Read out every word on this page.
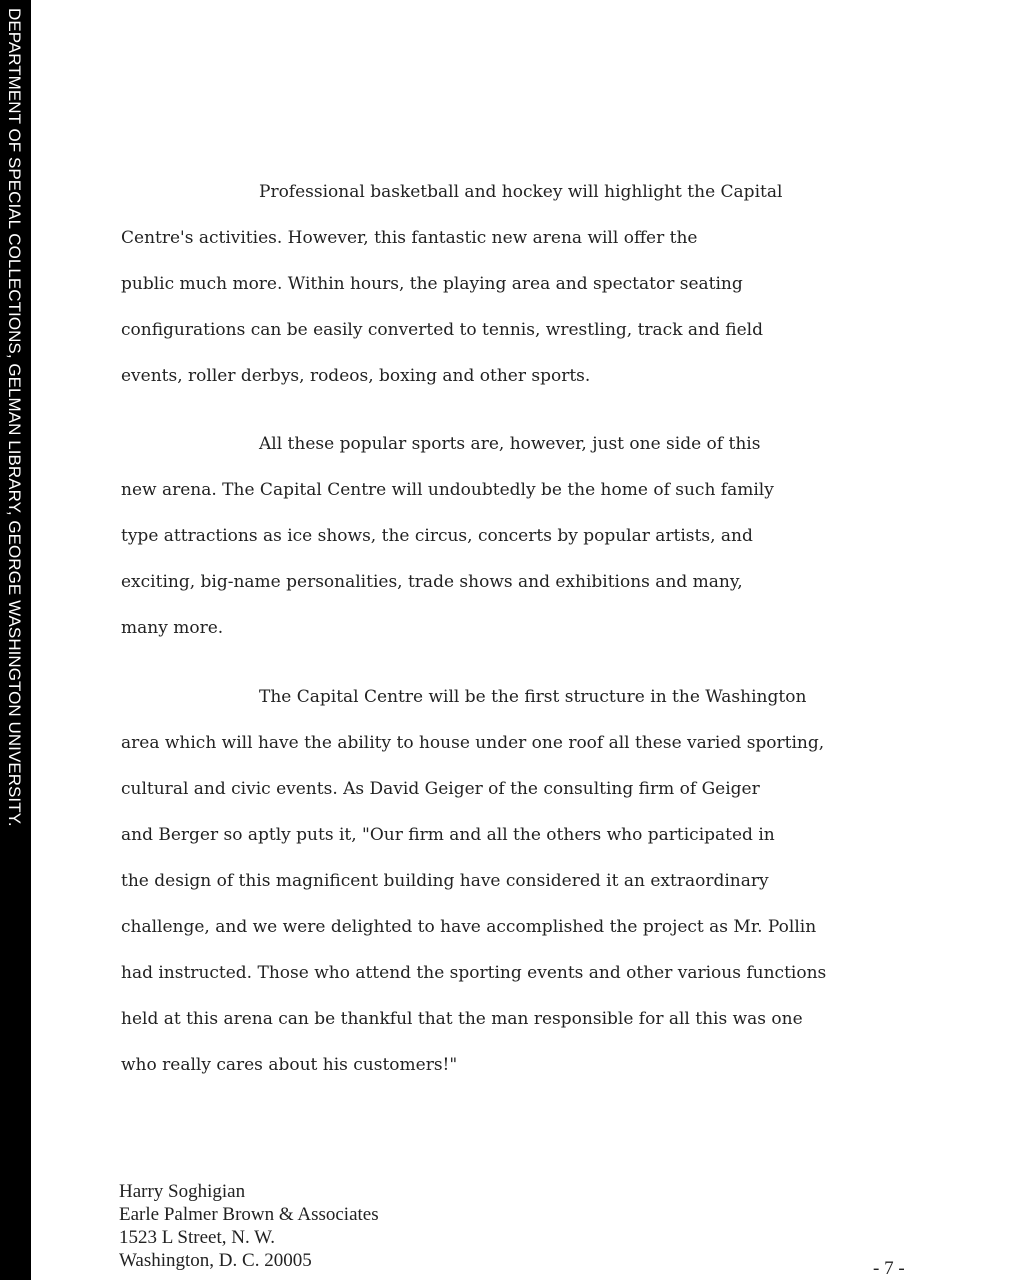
DEPARTMENT OF SPECIAL COLLECTIONS, GELMAN LIBRARY, GEORGE WASHINGTON UNIVERSITY.	Professional basketball and hockey will highlight the Capital
Centre's activities. However, this fantastic new arena will offer the
public much more. Within hours, the playing area and spectator seating
configurations can be easily converted to tennis, wrestling, track and field
events, roller derbys, rodeos, boxing and other sports.

All these popular sports are, however, just one side of this
new arena. The Capital Centre will undoubtedly be the home of such family
type attractions as ice shows, the circus, concerts by popular artists, and
exciting, big-name personalities, trade shows and exhibitions and many,
many more.

The Capital Centre will be the first structure in the Washington
area which will have the ability to house under one roof all these varied sporting,
cultural and civic events. As David Geiger of the consulting firm of Geiger
and Berger so aptly puts it, "Our firm and all the others who participated in
the design of this magnificent building have considered it an extraordinary
challenge, and we were delighted to have accomplished the project as Mr. Pollin
had instructed. Those who attend the sporting events and other various functions
held at this arena can be thankful that the man responsible for all this was one
who really cares about his customers!"

Harry Soghigian
Earle Palmer Brown & Associates
1523 L Street, N. W.
Washington, D. C. 20005	- 7 -
